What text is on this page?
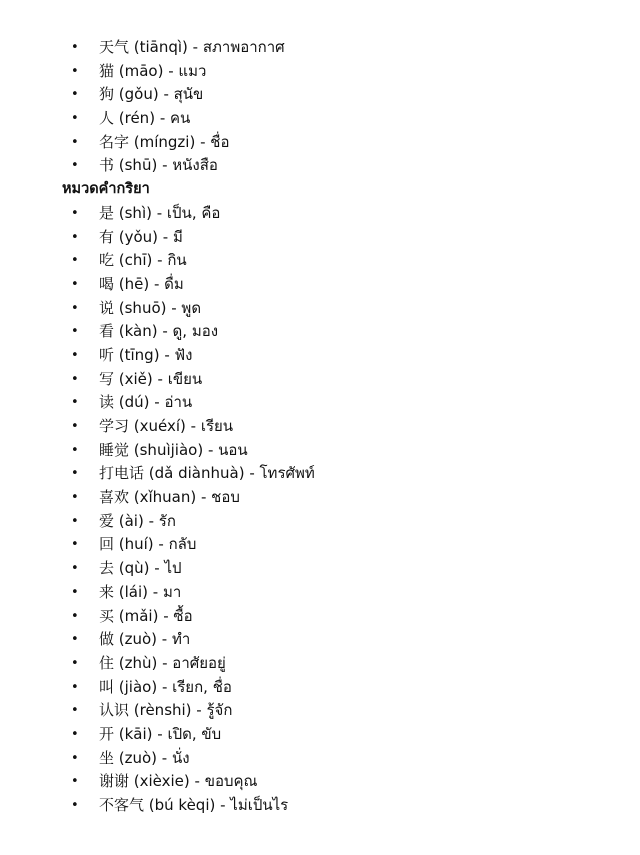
• 天气 (tiānqì) - สภาพอากาศ
• 猫 (māo) - แมว
• 狗 (gǒu) - สุนัข
• 人 (rén) - คน
• 名字 (míngzi) - ชื่อ
• 书 (shū) - หนังสือ
หมวดคำกริยา
• 是 (shì) - เป็น, คือ
• 有 (yǒu) - มี
• 吃 (chī) - กิน
• 喝 (hē) - ดื่ม
• 说 (shuō) - พูด
• 看 (kàn) - ดู, มอง
• 听 (tīng) - ฟัง
• 写 (xiě) - เขียน
• 读 (dú) - อ่าน
• 学习 (xuéxí) - เรียน
• 睡觉 (shuìjiào) - นอน
• 打电话 (dǎ diànhuà) - โทรศัพท์
• 喜欢 (xǐhuan) - ชอบ
• 爱 (ài) - รัก
• 回 (huí) - กลับ
• 去 (qù) - ไป
• 来 (lái) - มา
• 买 (mǎi) - ซื้อ
• 做 (zuò) - ทำ
• 住 (zhù) - อาศัยอยู่
• 叫 (jiào) - เรียก, ชื่อ
• 认识 (rènshi) - รู้จัก
• 开 (kāi) - เปิด, ขับ
• 坐 (zuò) - นั่ง
• 谢谢 (xièxie) - ขอบคุณ
• 不客气 (bú kèqi) - ไม่เป็นไร
